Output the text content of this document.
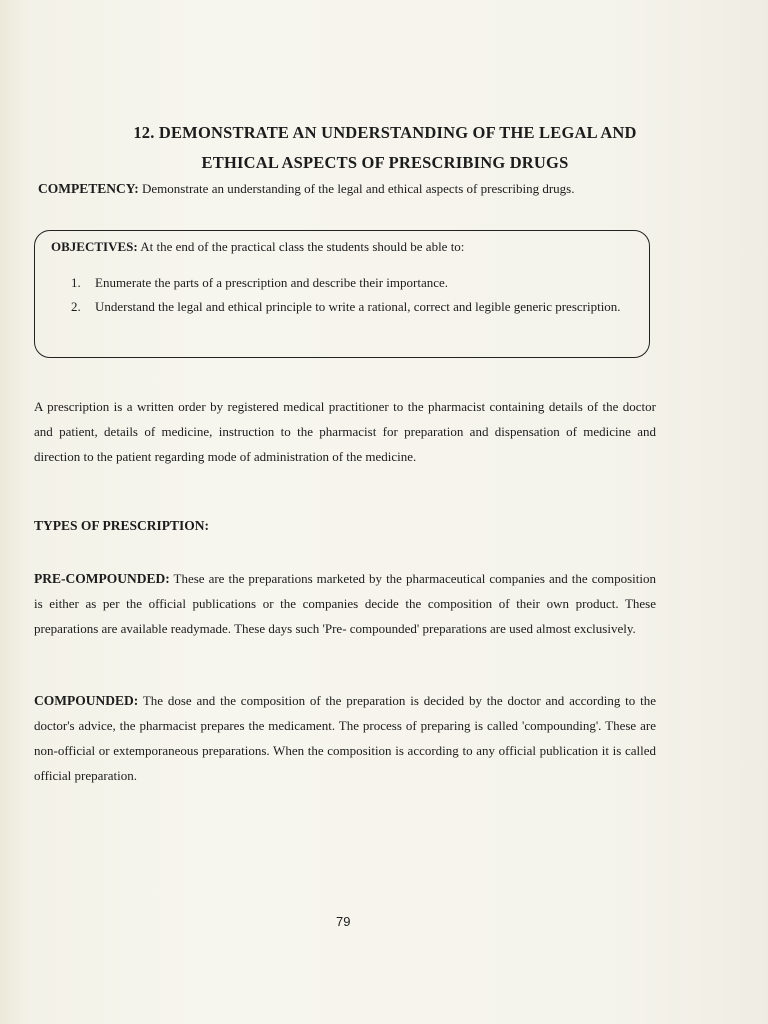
12. DEMONSTRATE AN UNDERSTANDING OF THE LEGAL AND
ETHICAL ASPECTS OF PRESCRIBING DRUGS
COMPETENCY: Demonstrate an understanding of the legal and ethical aspects of prescribing drugs.
OBJECTIVES: At the end of the practical class the students should be able to:
1. Enumerate the parts of a prescription and describe their importance.
2. Understand the legal and ethical principle to write a rational, correct and legible generic prescription.
A prescription is a written order by registered medical practitioner to the pharmacist containing details of the doctor and patient, details of medicine, instruction to the pharmacist for preparation and dispensation of medicine and direction to the patient regarding mode of administration of the medicine.
TYPES OF PRESCRIPTION:
PRE-COMPOUNDED: These are the preparations marketed by the pharmaceutical companies and the composition is either as per the official publications or the companies decide the composition of their own product. These preparations are available readymade. These days such 'Pre- compounded' preparations are used almost exclusively.
COMPOUNDED: The dose and the composition of the preparation is decided by the doctor and according to the doctor's advice, the pharmacist prepares the medicament. The process of preparing is called 'compounding'. These are non-official or extemporaneous preparations. When the composition is according to any official publication it is called official preparation.
79
